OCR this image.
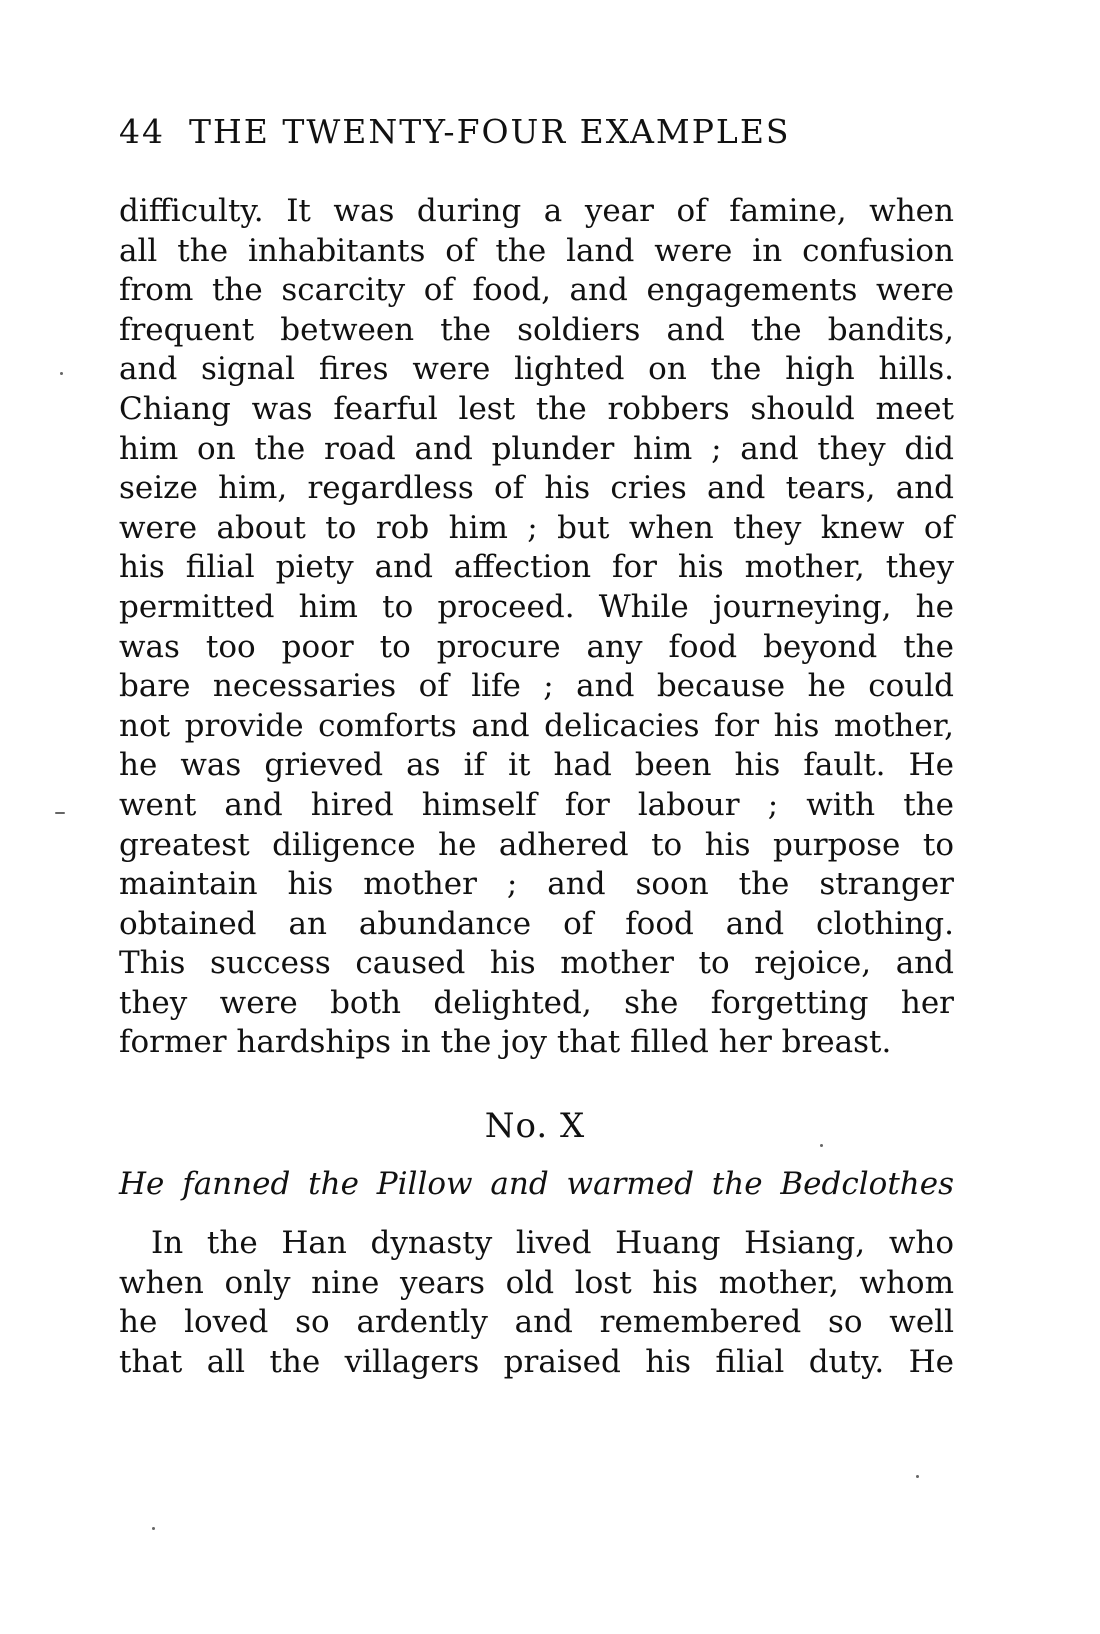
44 THE TWENTY-FOUR EXAMPLES
difficulty. It was during a year of famine, when
all the inhabitants of the land were in confusion
from the scarcity of food, and engagements were
frequent between the soldiers and the bandits,
and signal fires were lighted on the high hills.
Chiang was fearful lest the robbers should meet
him on the road and plunder him ; and they did
seize him, regardless of his cries and tears, and
were about to rob him ; but when they knew of
his filial piety and affection for his mother, they
permitted him to proceed. While journeying, he
was too poor to procure any food beyond the
bare necessaries of life ; and because he could
not provide comforts and delicacies for his mother,
he was grieved as if it had been his fault. He
went and hired himself for labour ; with the
greatest diligence he adhered to his purpose to
maintain his mother ; and soon the stranger
obtained an abundance of food and clothing.
This success caused his mother to rejoice, and
they were both delighted, she forgetting her
former hardships in the joy that filled her breast.
No. X
He fanned the Pillow and warmed the Bedclothes
In the Han dynasty lived Huang Hsiang, who
when only nine years old lost his mother, whom
he loved so ardently and remembered so well
that all the villagers praised his filial duty. He
